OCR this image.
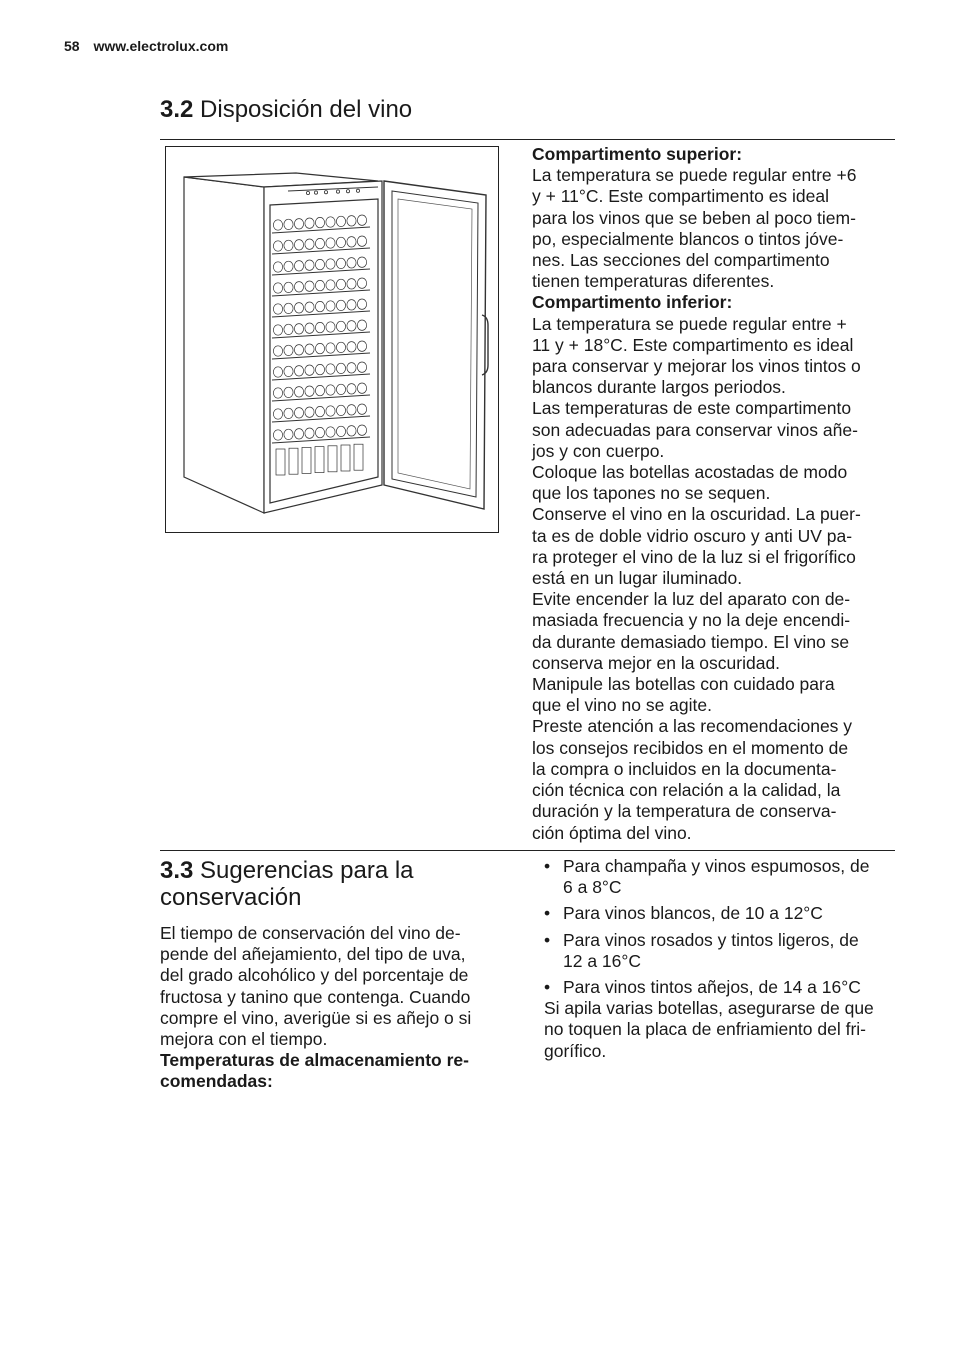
58 www.electrolux.com
3.2 Disposición del vino

Compartimento superior:

La temperatura se puede regular entre +6
y + 11°C. Este compartimento es ideal
para los vinos que se beben al poco tiem-
po, especialmente blancos o tintos jóve-
nes. Las secciones del compartimento
tienen temperaturas diferentes.

Compartimento inferior:

La temperatura se puede regular entre +
11 y + 18°C. Este compartimento es ideal
para conservar y mejorar los vinos tintos o
blancos durante largos periodos.
Las temperaturas de este compartimento
son adecuadas para conservar vinos añe-
jos y con cuerpo.
Coloque las botellas acostadas de modo
que los tapones no se sequen.
Conserve el vino en la oscuridad. La puer-
ta es de doble vidrio oscuro y anti UV pa-
ra proteger el vino de la luz si el frigorífico
está en un lugar iluminado.
Evite encender la luz del aparato con de-
masiada frecuencia y no la deje encendi-
da durante demasiado tiempo. El vino se
conserva mejor en la oscuridad.
Manipule las botellas con cuidado para
que el vino no se agite.
Preste atención a las recomendaciones y
los consejos recibidos en el momento de
la compra o incluidos en la documenta-
ción técnica con relación a la calidad, la
duración y la temperatura de conserva-
ción óptima del vino.
3.3 Sugerencias para la
conservación
El tiempo de conservación del vino de-
pende del añejamiento, del tipo de uva,
del grado alcohólico y del porcentaje de
fructosa y tanino que contenga. Cuando
compre el vino, averigüe si es añejo o si
mejora con el tiempo.
Temperaturas de almacenamiento re-
comendadas:
• Para champaña y vinos espumosos, de
6 a 8°C
• Para vinos blancos, de 10 a 12°C
• Para vinos rosados y tintos ligeros, de
12 a 16°C
• Para vinos tintos añejos, de 14 a 16°C
Si apila varias botellas, asegurarse de que
no toquen la placa de enfriamiento del fri-
gorífico.
